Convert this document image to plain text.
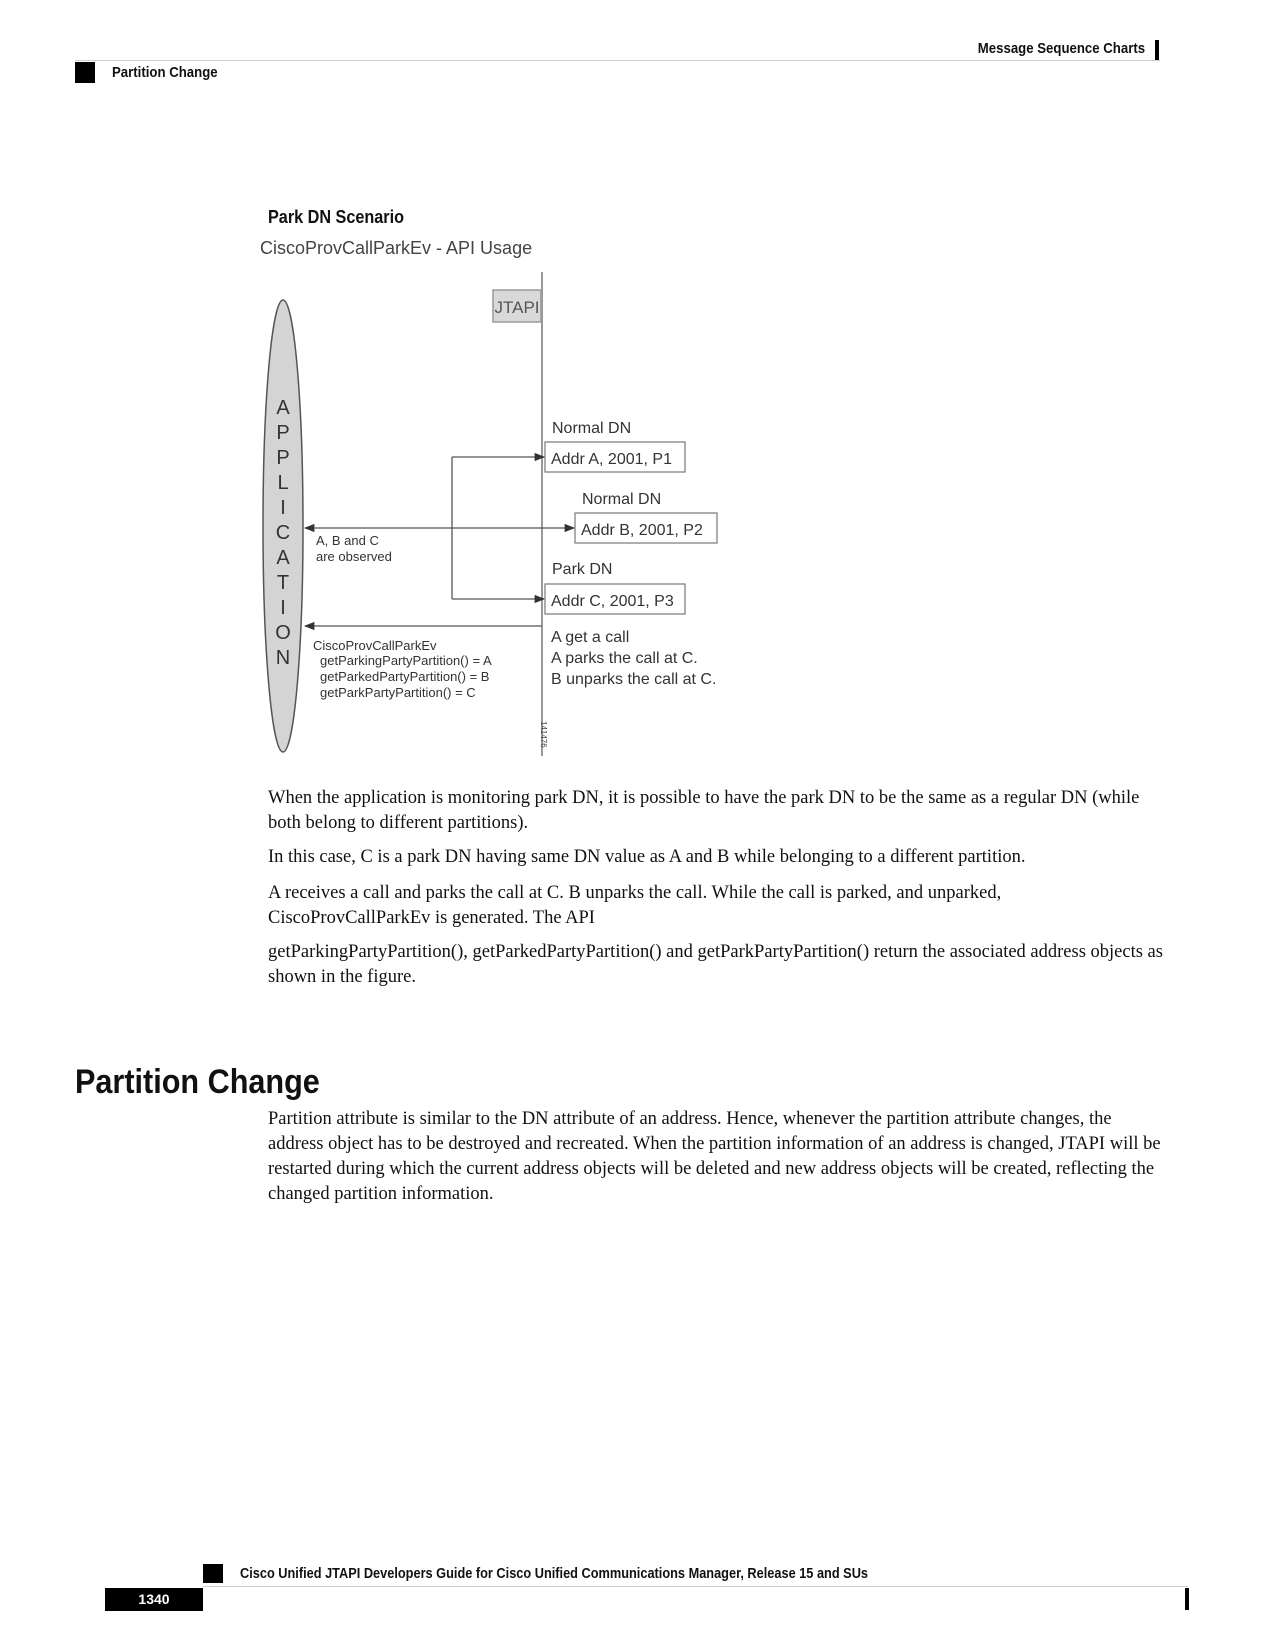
Message Sequence Charts
Partition Change
Park DN Scenario
CiscoProvCallParkEv - API Usage
JTAPI
A
P
P
L
I
C
A
T
I
O
N
Normal DN
Addr A, 2001, P1
Normal DN
Addr B, 2001, P2
Park DN
Addr C, 2001, P3
A, B and C
are observed
CiscoProvCallParkEv
getParkingPartyPartition() = A
getParkedPartyPartition() = B
getParkPartyPartition() = C
A get a call
A parks the call at C.
B unparks the call at C.
141476

When the application is monitoring park DN, it is possible to have the park DN to be the same as a regular DN (while both belong to different partitions).

In this case, C is a park DN having same DN value as A and B while belonging to a different partition.

A receives a call and parks the call at C. B unparks the call. While the call is parked, and unparked, CiscoProvCallParkEv is generated. The API

getParkingPartyPartition(), getParkedPartyPartition() and getParkPartyPartition() return the associated address objects as shown in the figure.

Partition Change

Partition attribute is similar to the DN attribute of an address. Hence, whenever the partition attribute changes, the address object has to be destroyed and recreated. When the partition information of an address is changed, JTAPI will be restarted during which the current address objects will be deleted and new address objects will be created, reflecting the changed partition information.

Cisco Unified JTAPI Developers Guide for Cisco Unified Communications Manager, Release 15 and SUs
1340
